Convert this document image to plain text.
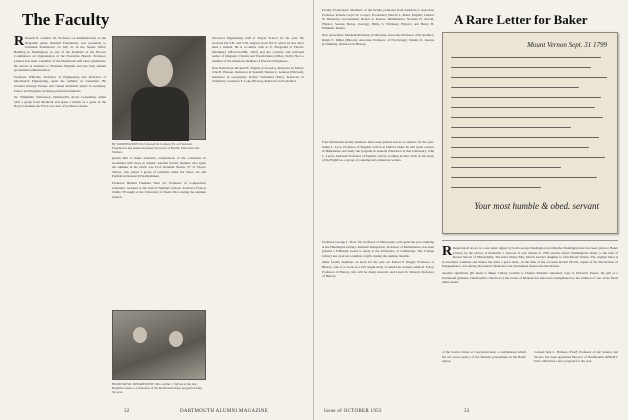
The Faculty

R Russell R. Larmon '19, Professor of Administration on the Benjamin Ames Kimball Foundation, was presented to President Eisenhower on July 21 in the Senate Office Building in Washington, as one of ten members of the Hoover Commission on Organization of the Executive Branch. Professor Larmon has been a member of the Dartmouth staff since graduation. He served as assistant to President Hopkins and has long studied government administration.

Professor Williams, Professor of Engineering and Professor of Mechanical Engineering, spent the summer as consultant. He traveled through Europe and visited industrial plants in Germany, France and England, studying production methods.

Dr. Vilhjalmur Stefansson, Dartmouth's Arctic Consultant, sailed with a group from Montreal and spent a month as a guest of the Royal Canadian Air Force on a tour of northern Canada.

By WASHINGTON: Prof. Russell R. Larmon '19, as President Eisenhower has named Assistant Secretary of Health, Education and Welfare.

permit him to make extensive comparisons of the conditions in Greenland with those in Alaska. Another faculty member who spent the summer in the North was Prof. Kenneth Stearns '37 of Thayer School, who joined a group of scientists under the Snow, Ice and Permafrost Research Establishment.

Professor Herbert Faulkner West '22, Professor of Comparative Literature, lectured at the Oxford Summer School. Professor Francis Childs '28 taught at the University of Puerto Rico during the summer session.

HOOD MUSIC DEPARTMENT: Mrs. Arthur J. Sylvan of the new Hopkins Center, a celebration of the Dartmouth music program during the year.

Electrical Engineering staff at Thayer School for the year. He received his S.B. and S.M. degrees from M.I.T. where he has since been a student. He is co-author with A. E. Fitzgerald of Electric Machinery (McGraw-Hill, 1952) and the coeditor and principal author of Magnetic Circuits and Transformers (Wiley, 1943). He is a member of the American Institute of Electrical Engineers.

New Instructors: Richard E. Wagner (Colorado), Instructor in Music; John B. Hanson, Instructor in Spanish; Dennis C. Gannon (Harvard), Instructor in Geography; Robert Strickland (Yale), Instructor in Chemistry; Laurence E. Lake (Brown), Instructor in Economics.

32	DARTMOUTH ALUMNI MAGAZINE

Faculty Promotions: Members of the faculty promoted from Assistant to Associate Professor include Lloyd W. Cooper, Economics; Harold L. Bond, English; Charles W. Hennessy, Government; Robert A. Kearns, Mathematics; Norman D. Arnold, Physics; Stearns Morse, Zoology; Philip S. Wittlesey, Physics; and Henry B. Williams, Drama.

New Associates: Marshall Robinson (California), Associate Professor of Economics; Ralph E. Miller (Illinois), Associate Professor of Psychology; Dennis D. Kearns (Columbia), Instructor in History.

A Rare Letter for Baker

Four Dartmouth faculty members have been granted leaves of absence for the year. Julian L. Levy, Professor of English, will be at Oxford where he will teach courses in Humanities and study the program in General Education at that University. John L. Lewis, Assistant Professor of English, will be working in New York on his study of the Fugitives, a group of contemporary American writers.

Professor George L. Frost '26, Professor of Philosophy, will spend the year studying at the Huntington Library. Kenneth Kirkpatrick, Professor of Mathematics, has been granted a Fulbright award to study at the University of Cambridge. The College Library has received a number of gifts during the summer months.

Other faculty members on leave for the year are Robert E. Riegel, Professor of History, who is at work on a full length study of American women; Allen R. Foley, Professor of History, who will be doing research; and Lewis D. Stilwell, Professor of History.

Mount Vernon Sept. 31 1799
Your most humble & obed. servant

R Reproduced above is a rare letter signed by both George Washington and Martha Washington that has been given to Baker Library by the widow of Frederick J. Atwood. It was written in 1799, shortly before Washington's death, to the wife of Robert Morris of Philadelphia. The letter invites Mrs. Morris and her daughter to visit Mount Vernon. The original letter is in excellent condition and makes the letter a great rarity. At the time of the occasion Robert Morris, signer of the Declaration of Independence, was among the nation's financiers who had helped finance the Revolution.

Another significant gift made to Baker Library recently is Charles Dickens' annotated copy of Pickwick Papers, the gift of a Dartmouth graduate. Dartmouth's collection of the works of Dickens has thus been strengthened by the addition of one of the finest items extant.

of the Soviet Union or Czechoslovakia; a combination which fits the recent policy of the Russian government in the Baltic region.

Colonel Jack C. Hobson, USAF, Professor of Air Science and Tactics, has been appointed Director of Dartmouth's AFROTC Unit, which has a new program for the year.

Issue of OCTOBER 1953	33
